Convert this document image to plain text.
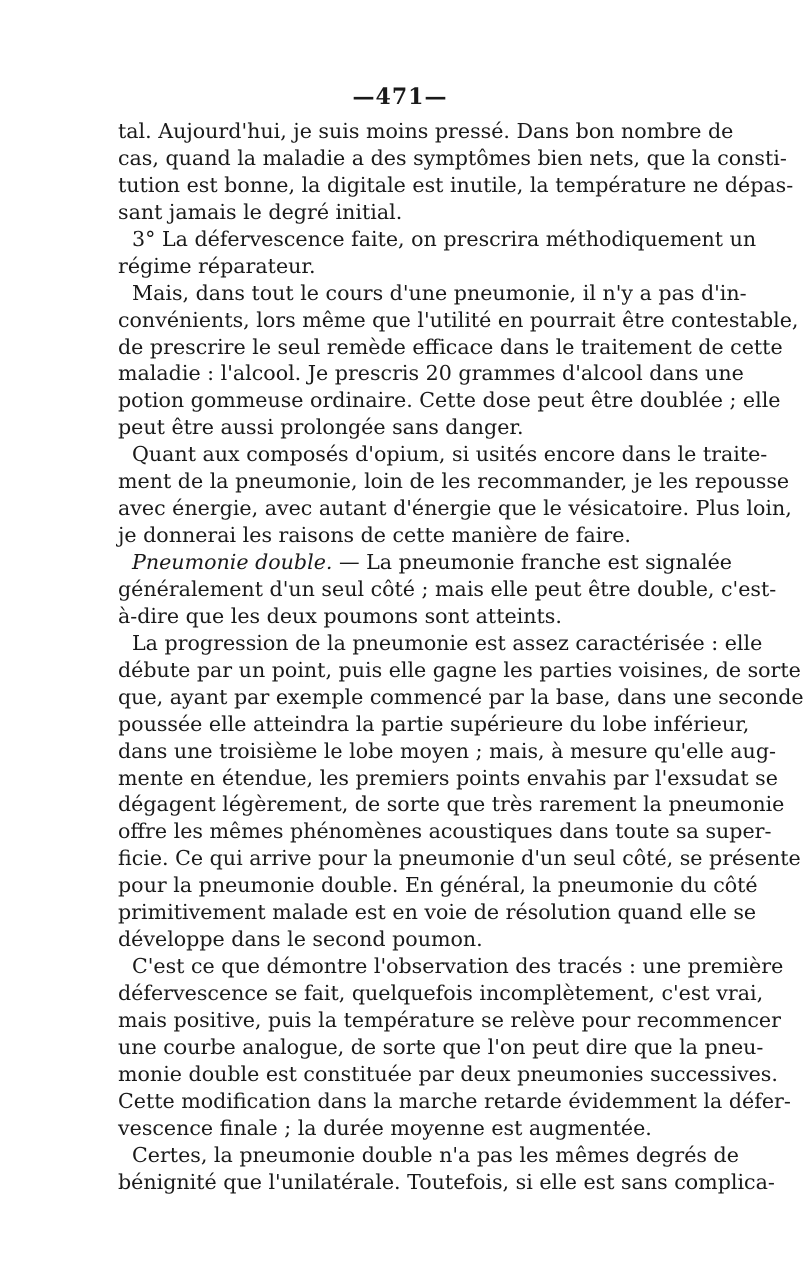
—471—
tal. Aujourd'hui, je suis moins pressé. Dans bon nombre de
cas, quand la maladie a des symptômes bien nets, que la consti-
tution est bonne, la digitale est inutile, la température ne dépas-
sant jamais le degré initial.
3° La défervescence faite, on prescrira méthodiquement un
régime réparateur.
Mais, dans tout le cours d'une pneumonie, il n'y a pas d'in-
convénients, lors même que l'utilité en pourrait être contestable,
de prescrire le seul remède efficace dans le traitement de cette
maladie : l'alcool. Je prescris 20 grammes d'alcool dans une
potion gommeuse ordinaire. Cette dose peut être doublée ; elle
peut être aussi prolongée sans danger.
Quant aux composés d'opium, si usités encore dans le traite-
ment de la pneumonie, loin de les recommander, je les repousse
avec énergie, avec autant d'énergie que le vésicatoire. Plus loin,
je donnerai les raisons de cette manière de faire.
Pneumonie double. — La pneumonie franche est signalée
généralement d'un seul côté ; mais elle peut être double, c'est-
à-dire que les deux poumons sont atteints.
La progression de la pneumonie est assez caractérisée : elle
débute par un point, puis elle gagne les parties voisines, de sorte
que, ayant par exemple commencé par la base, dans une seconde
poussée elle atteindra la partie supérieure du lobe inférieur,
dans une troisième le lobe moyen ; mais, à mesure qu'elle aug-
mente en étendue, les premiers points envahis par l'exsudat se
dégagent légèrement, de sorte que très rarement la pneumonie
offre les mêmes phénomènes acoustiques dans toute sa super-
ficie. Ce qui arrive pour la pneumonie d'un seul côté, se présente
pour la pneumonie double. En général, la pneumonie du côté
primitivement malade est en voie de résolution quand elle se
développe dans le second poumon.
C'est ce que démontre l'observation des tracés : une première
défervescence se fait, quelquefois incomplètement, c'est vrai,
mais positive, puis la température se relève pour recommencer
une courbe analogue, de sorte que l'on peut dire que la pneu-
monie double est constituée par deux pneumonies successives.
Cette modification dans la marche retarde évidemment la défer-
vescence finale ; la durée moyenne est augmentée.
Certes, la pneumonie double n'a pas les mêmes degrés de
bénignité que l'unilatérale. Toutefois, si elle est sans complica-
